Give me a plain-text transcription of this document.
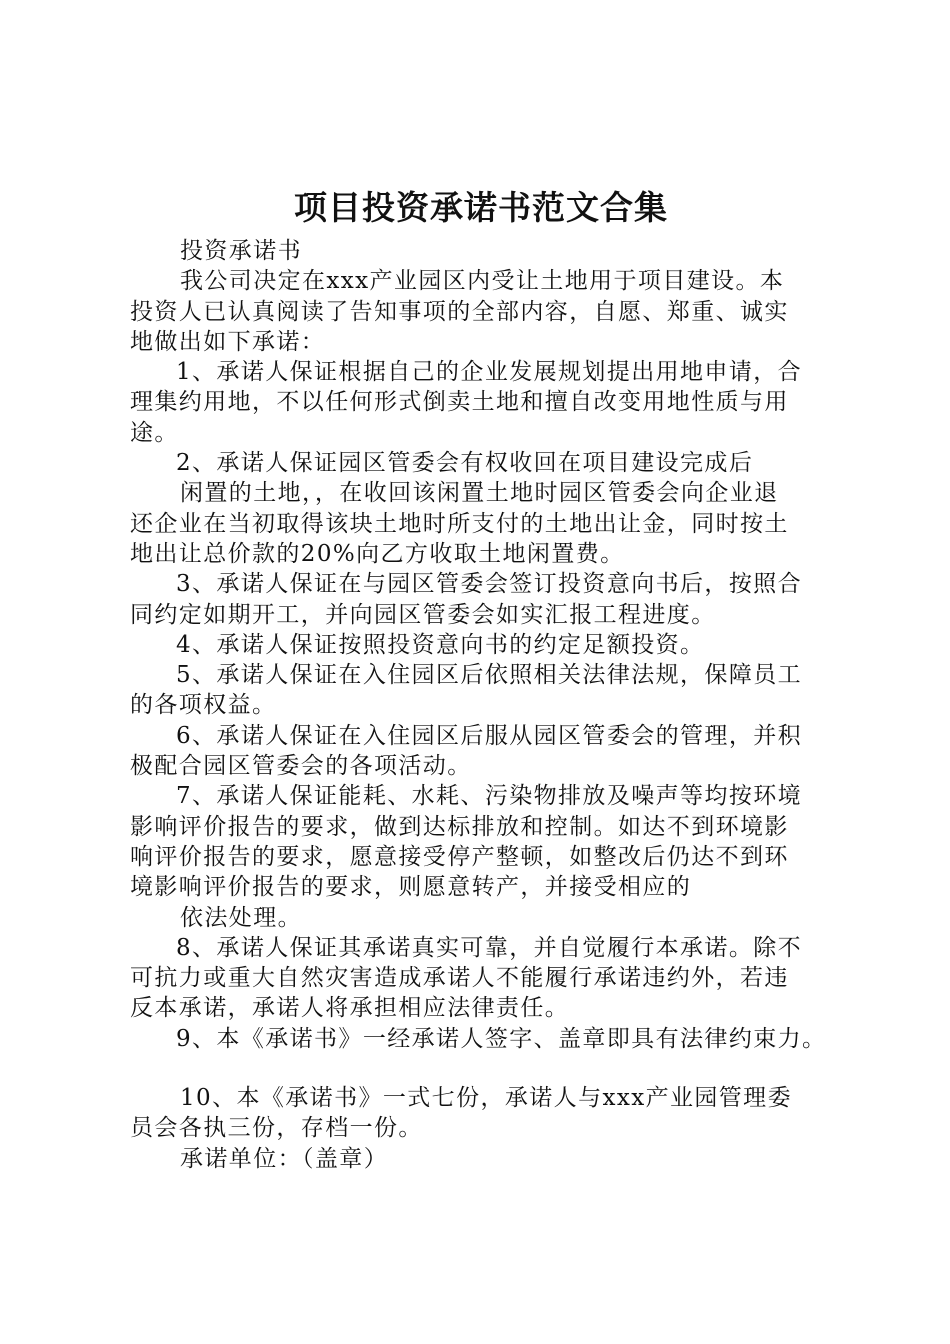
项目投资承诺书范文合集

投资承诺书

我公司决定在xxx产业园区内受让土地用于项目建设。本

投资人已认真阅读了告知事项的全部内容，自愿、郑重、诚实

地做出如下承诺：

1、承诺人保证根据自己的企业发展规划提出用地申请，合

理集约用地，不以任何形式倒卖土地和擅自改变用地性质与用

途。

2、承诺人保证园区管委会有权收回在项目建设完成后

闲置的土地，，在收回该闲置土地时园区管委会向企业退

还企业在当初取得该块土地时所支付的土地出让金，同时按土

地出让总价款的20%向乙方收取土地闲置费。

3、承诺人保证在与园区管委会签订投资意向书后，按照合

同约定如期开工，并向园区管委会如实汇报工程进度。

4、承诺人保证按照投资意向书的约定足额投资。

5、承诺人保证在入住园区后依照相关法律法规，保障员工

的各项权益。

6、承诺人保证在入住园区后服从园区管委会的管理，并积

极配合园区管委会的各项活动。

7、承诺人保证能耗、水耗、污染物排放及噪声等均按环境

影响评价报告的要求，做到达标排放和控制。如达不到环境影

响评价报告的要求，愿意接受停产整顿，如整改后仍达不到环

境影响评价报告的要求，则愿意转产，并接受相应的

依法处理。

8、承诺人保证其承诺真实可靠，并自觉履行本承诺。除不

可抗力或重大自然灾害造成承诺人不能履行承诺违约外，若违

反本承诺，承诺人将承担相应法律责任。

9、本《承诺书》一经承诺人签字、盖章即具有法律约束力。

10、本《承诺书》一式七份，承诺人与xxx产业园管理委

员会各执三份，存档一份。

承诺单位：（盖章）
